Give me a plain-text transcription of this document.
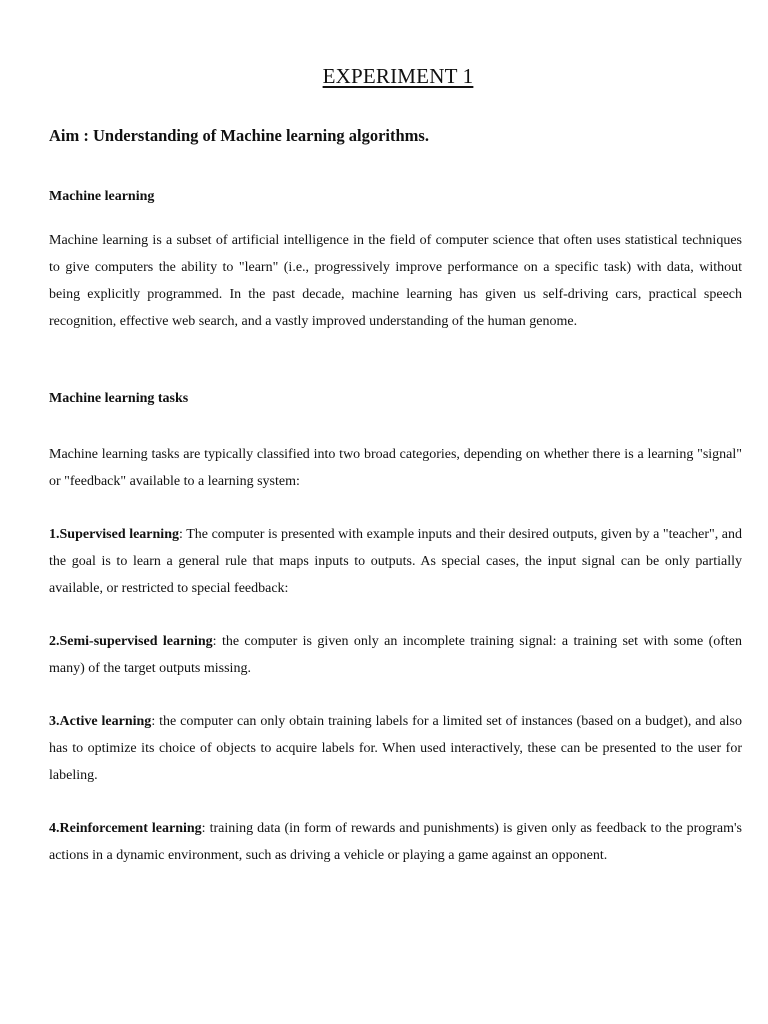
EXPERIMENT 1

Aim : Understanding of Machine learning algorithms.

Machine learning

Machine learning is a subset of artificial intelligence in the field of computer science that often uses statistical techniques to give computers the ability to "learn" (i.e., progressively improve performance on a specific task) with data, without being explicitly programmed. In the past decade, machine learning has given us self-driving cars, practical speech recognition, effective web search, and a vastly improved understanding of the human genome.

Machine learning tasks

Machine learning tasks are typically classified into two broad categories, depending on whether there is a learning "signal" or "feedback" available to a learning system:

1.Supervised learning: The computer is presented with example inputs and their desired outputs, given by a "teacher", and the goal is to learn a general rule that maps inputs to outputs. As special cases, the input signal can be only partially available, or restricted to special feedback:

2.Semi-supervised learning: the computer is given only an incomplete training signal: a training set with some (often many) of the target outputs missing.

3.Active learning: the computer can only obtain training labels for a limited set of instances (based on a budget), and also has to optimize its choice of objects to acquire labels for. When used interactively, these can be presented to the user for labeling.

4.Reinforcement learning: training data (in form of rewards and punishments) is given only as feedback to the program's actions in a dynamic environment, such as driving a vehicle or playing a game against an opponent.
